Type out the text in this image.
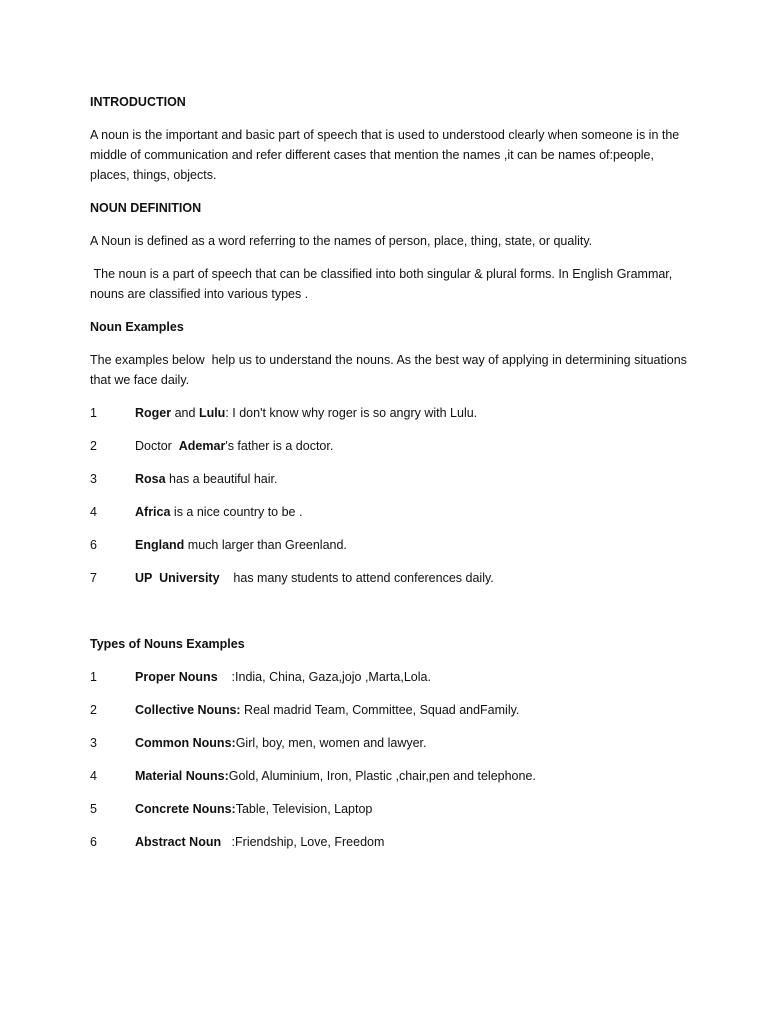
INTRODUCTION

A noun is the important and basic part of speech that is used to understood clearly when someone is in the middle of communication and refer different cases that mention the names ,it can be names of:people, places, things, objects.

NOUN DEFINITION

A Noun is defined as a word referring to the names of person, place, thing, state, or quality.

The noun is a part of speech that can be classified into both singular & plural forms. In English Grammar, nouns are classified into various types .

Noun Examples

The examples below  help us to understand the nouns. As the best way of applying in determining situations that we face daily.

1	Roger and Lulu: I don't know why roger is so angry with Lulu.
2	Doctor  Ademar's father is a doctor.
3	Rosa has a beautiful hair.
4	Africa is a nice country to be .
6	England much larger than Greenland.
7	UP  University    has many students to attend conferences daily.

Types of Nouns Examples

1	Proper Nouns    :India, China, Gaza,jojo ,Marta,Lola.
2	Collective Nouns: Real madrid Team, Committee, Squad andFamily.
3	Common Nouns:Girl, boy, men, women and lawyer.
4	Material Nouns:Gold, Aluminium, Iron, Plastic ,chair,pen and telephone.
5	Concrete Nouns:Table, Television, Laptop
6	Abstract Noun   :Friendship, Love, Freedom
